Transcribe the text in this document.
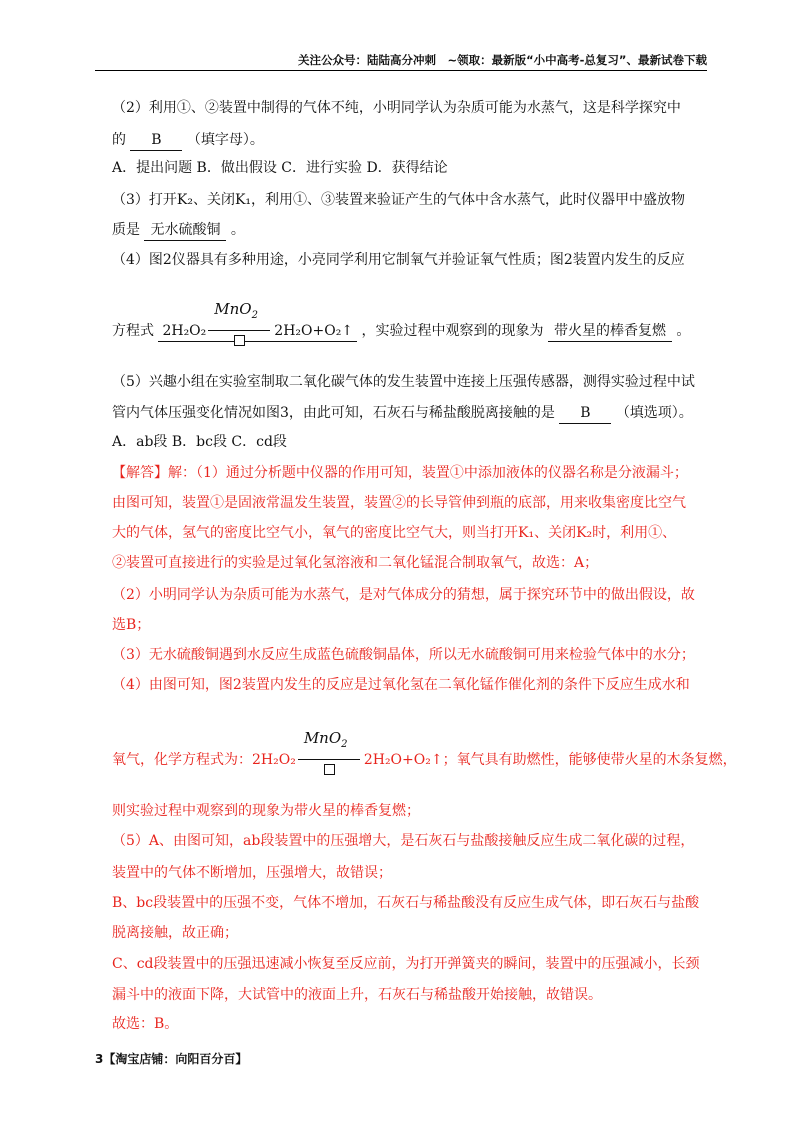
关注公众号：陆陆高分冲刺　~领取：最新版“小中高考-总复习”、最新试卷下载

（2）利用①、②装置中制得的气体不纯，小明同学认为杂质可能为水蒸气，这是科学探究中

的 B （填字母）。

A．提出问题 B．做出假设 C．进行实验 D．获得结论

（3）打开K₂、关闭K₁，利用①、③装置来验证产生的气体中含水蒸气，此时仪器甲中盛放物

质是 无水硫酸铜 。

（4）图2仪器具有多种用途，小亮同学利用它制氧气并验证氧气性质；图2装置内发生的反应

方程式 2H₂O₂
MnO$_2$
2H₂O+O₂↑ ，实验过程中观察到的现象为 带火星的棒香复燃 。

（5）兴趣小组在实验室制取二氧化碳气体的发生装置中连接上压强传感器，测得实验过程中试

管内气体压强变化情况如图3，由此可知，石灰石与稀盐酸脱离接触的是 B （填选项）。

A．ab段 B．bc段 C．cd段

【解答】解：（1）通过分析题中仪器的作用可知，装置①中添加液体的仪器名称是分液漏斗；

由图可知，装置①是固液常温发生装置，装置②的长导管伸到瓶的底部，用来收集密度比空气

大的气体，氢气的密度比空气小，氧气的密度比空气大，则当打开K₁、关闭K₂时，利用①、

②装置可直接进行的实验是过氧化氢溶液和二氧化锰混合制取氧气，故选：A；

（2）小明同学认为杂质可能为水蒸气，是对气体成分的猜想，属于探究环节中的做出假设，故

选B；

（3）无水硫酸铜遇到水反应生成蓝色硫酸铜晶体，所以无水硫酸铜可用来检验气体中的水分；

（4）由图可知，图2装置内发生的反应是过氧化氢在二氧化锰作催化剂的条件下反应生成水和

氧气，化学方程式为：2H₂O₂
MnO$_2$
2H₂O+O₂↑；氧气具有助燃性，能够使带火星的木条复燃，

则实验过程中观察到的现象为带火星的棒香复燃；

（5）A、由图可知，ab段装置中的压强增大，是石灰石与盐酸接触反应生成二氧化碳的过程，

装置中的气体不断增加，压强增大，故错误；

B、bc段装置中的压强不变，气体不增加，石灰石与稀盐酸没有反应生成气体，即石灰石与盐酸

脱离接触，故正确；

C、cd段装置中的压强迅速减小恢复至反应前，为打开弹簧夹的瞬间，装置中的压强减小，长颈

漏斗中的液面下降，大试管中的液面上升，石灰石与稀盐酸开始接触，故错误。

故选：B。

3【淘宝店铺：向阳百分百】
